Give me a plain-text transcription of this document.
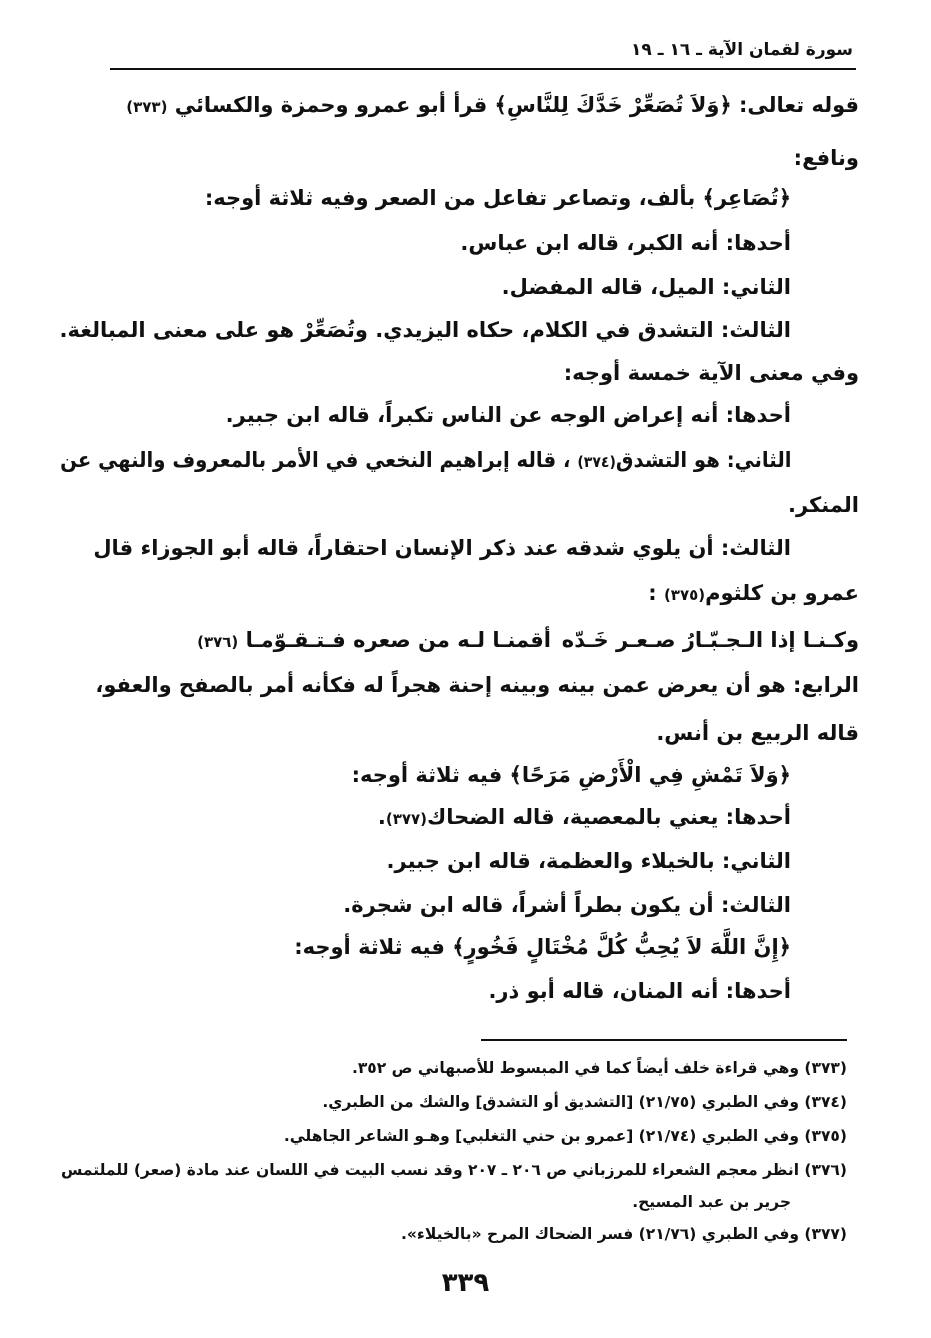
سورة لقمان الآية ـ ١٦ ـ ١٩
قوله تعالى: ﴿وَلاَ تُصَعِّرْ خَدَّكَ لِلنَّاسِ﴾ قرأ أبو عمرو وحمزة والكسائي (٣٧٣)
ونافع:
﴿تُصَاعِر﴾ بألف، وتصاعر تفاعل من الصعر وفيه ثلاثة أوجه:
أحدها: أنه الكبر، قاله ابن عباس.
الثاني: الميل، قاله المفضل.
الثالث: التشدق في الكلام، حكاه اليزيدي. وتُصَعِّرْ هو على معنى المبالغة.
وفي معنى الآية خمسة أوجه:
أحدها: أنه إعراض الوجه عن الناس تكبراً، قاله ابن جبير.
الثاني: هو التشدق(٣٧٤) ، قاله إبراهيم النخعي في الأمر بالمعروف والنهي عن
المنكر.
الثالث: أن يلوي شدقه عند ذكر الإنسان احتقاراً، قاله أبو الجوزاء قال
عمرو بن كلثوم(٣٧٥) :
وكـنـا إذا الـجـبّـارُ صـعـر خَـدّه
أقمنـا لـه من صعره فـتـقـوّمـا (٣٧٦)
الرابع: هو أن يعرض عمن بينه وبينه إحنة هجراً له فكأنه أمر بالصفح والعفو،
قاله الربيع بن أنس.
﴿وَلاَ تَمْشِ فِي الْأَرْضِ مَرَحًا﴾ فيه ثلاثة أوجه:
أحدها: يعني بالمعصية، قاله الضحاك(٣٧٧).
الثاني: بالخيلاء والعظمة، قاله ابن جبير.
الثالث: أن يكون بطراً أشراً، قاله ابن شجرة.
﴿إِنَّ اللَّهَ لاَ يُحِبُّ كُلَّ مُخْتَالٍ فَخُورٍ﴾ فيه ثلاثة أوجه:
أحدها: أنه المنان، قاله أبو ذر.
(٣٧٣) وهي قراءة خلف أيضاً كما في المبسوط للأصبهاني ص ٣٥٢.
(٣٧٤) وفي الطبري (٢١/٧٥) [التشديق أو التشدق] والشك من الطبري.
(٣٧٥) وفي الطبري (٢١/٧٤) [عمرو بن حني التغلبي] وهـو الشاعر الجاهلي.
(٣٧٦) انظر معجم الشعراء للمرزباني ص ٢٠٦ ـ ٢٠٧ وقد نسب البيت في اللسان عند مادة (صعر) للملتمس
جرير بن عبد المسيح.
(٣٧٧) وفي الطبري (٢١/٧٦) فسر الضحاك المرح «بالخيلاء».
٣٣٩
